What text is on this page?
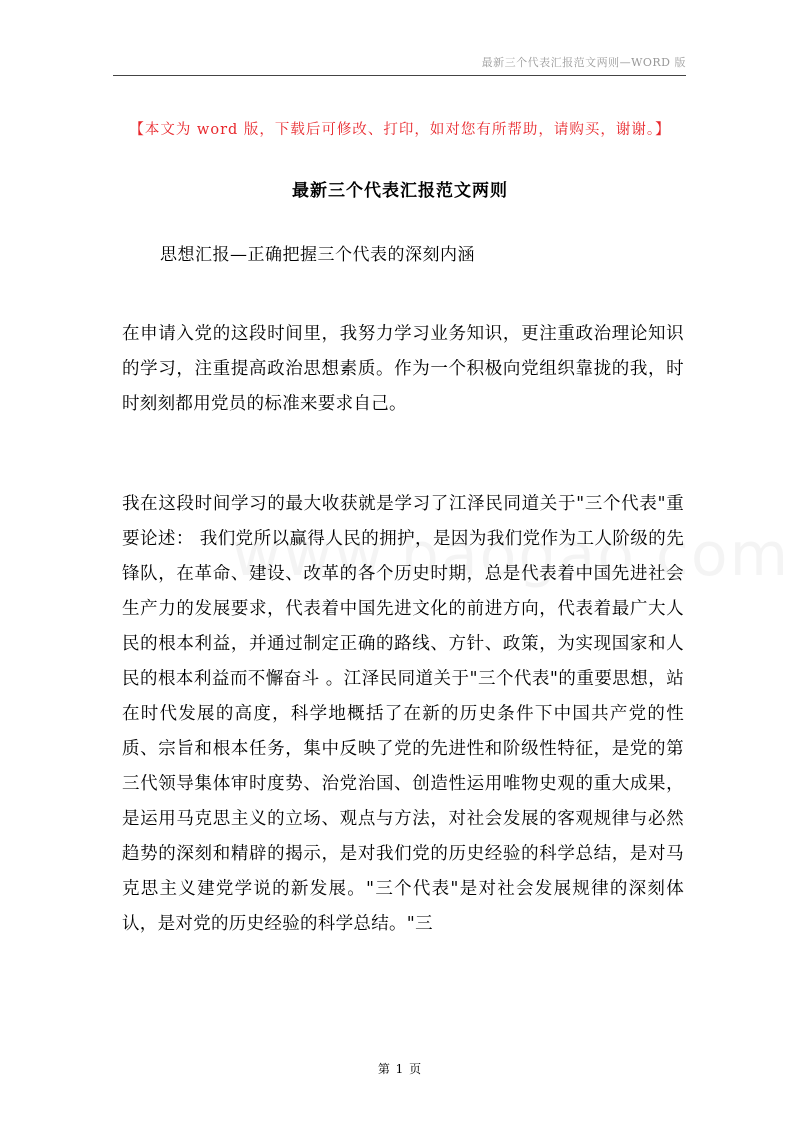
最新三个代表汇报范文两则—WORD 版
【本文为 word 版，下载后可修改、打印，如对您有所帮助，请购买，谢谢。】
最新三个代表汇报范文两则
思想汇报—正确把握三个代表的深刻内涵

在申请入党的这段时间里，我努力学习业务知识，更注重政治理论知识的学习，注重提高政治思想素质。作为一个积极向党组织靠拢的我，时时刻刻都用党员的标准来要求自己。

我在这段时间学习的最大收获就是学习了江泽民同道关于"三个代表"重要论述： 我们党所以赢得人民的拥护，是因为我们党作为工人阶级的先锋队，在革命、建设、改革的各个历史时期，总是代表着中国先进社会生产力的发展要求，代表着中国先进文化的前进方向，代表着最广大人民的根本利益，并通过制定正确的路线、方针、政策，为实现国家和人民的根本利益而不懈奋斗 。江泽民同道关于"三个代表"的重要思想，站在时代发展的高度，科学地概括了在新的历史条件下中国共产党的性质、宗旨和根本任务，集中反映了党的先进性和阶级性特征，是党的第三代领导集体审时度势、治党治国、创造性运用唯物史观的重大成果，是运用马克思主义的立场、观点与方法，对社会发展的客观规律与必然趋势的深刻和精辟的揭示，是对我们党的历史经验的科学总结，是对马克思主义建党学说的新发展。"三个代表"是对社会发展规律的深刻体认，是对党的历史经验的科学总结。"三

第 1 页
